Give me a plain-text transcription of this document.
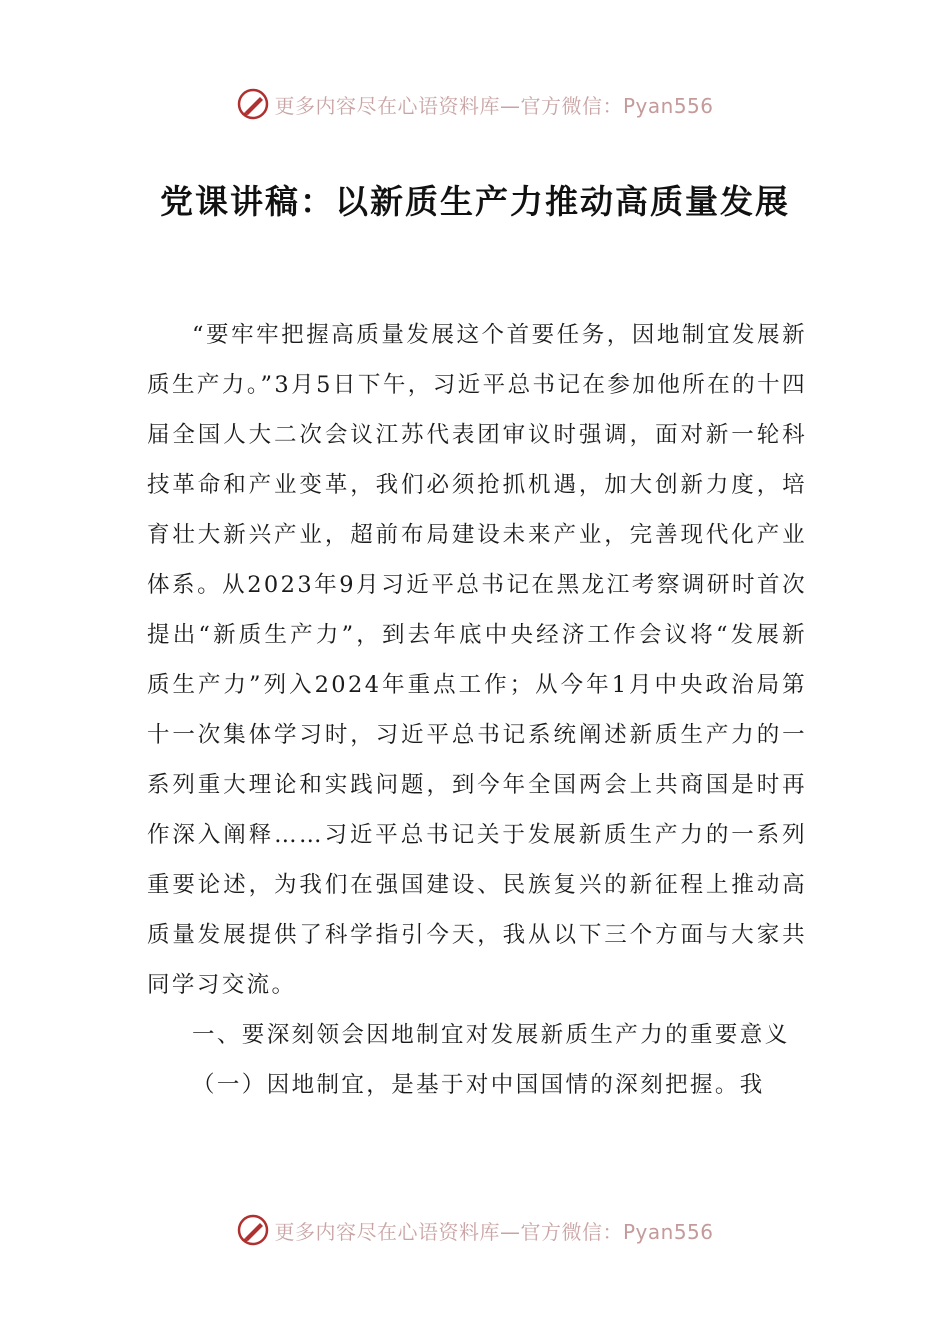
更多内容尽在心语资料库—官方微信：Pyan556
党课讲稿：以新质生产力推动高质量发展

“要牢牢把握高质量发展这个首要任务，因地制宜发展新质生产力。”3月5日下午，习近平总书记在参加他所在的十四届全国人大二次会议江苏代表团审议时强调，面对新一轮科技革命和产业变革，我们必须抢抓机遇，加大创新力度，培育壮大新兴产业，超前布局建设未来产业，完善现代化产业体系。从2023年9月习近平总书记在黑龙江考察调研时首次提出“新质生产力”，到去年底中央经济工作会议将“发展新质生产力”列入2024年重点工作；从今年1月中央政治局第十一次集体学习时，习近平总书记系统阐述新质生产力的一系列重大理论和实践问题，到今年全国两会上共商国是时再作深入阐释……习近平总书记关于发展新质生产力的一系列重要论述，为我们在强国建设、民族复兴的新征程上推动高质量发展提供了科学指引今天，我从以下三个方面与大家共同学习交流。

一、要深刻领会因地制宜对发展新质生产力的重要意义

（一）因地制宜，是基于对中国国情的深刻把握。我

更多内容尽在心语资料库—官方微信：Pyan556
